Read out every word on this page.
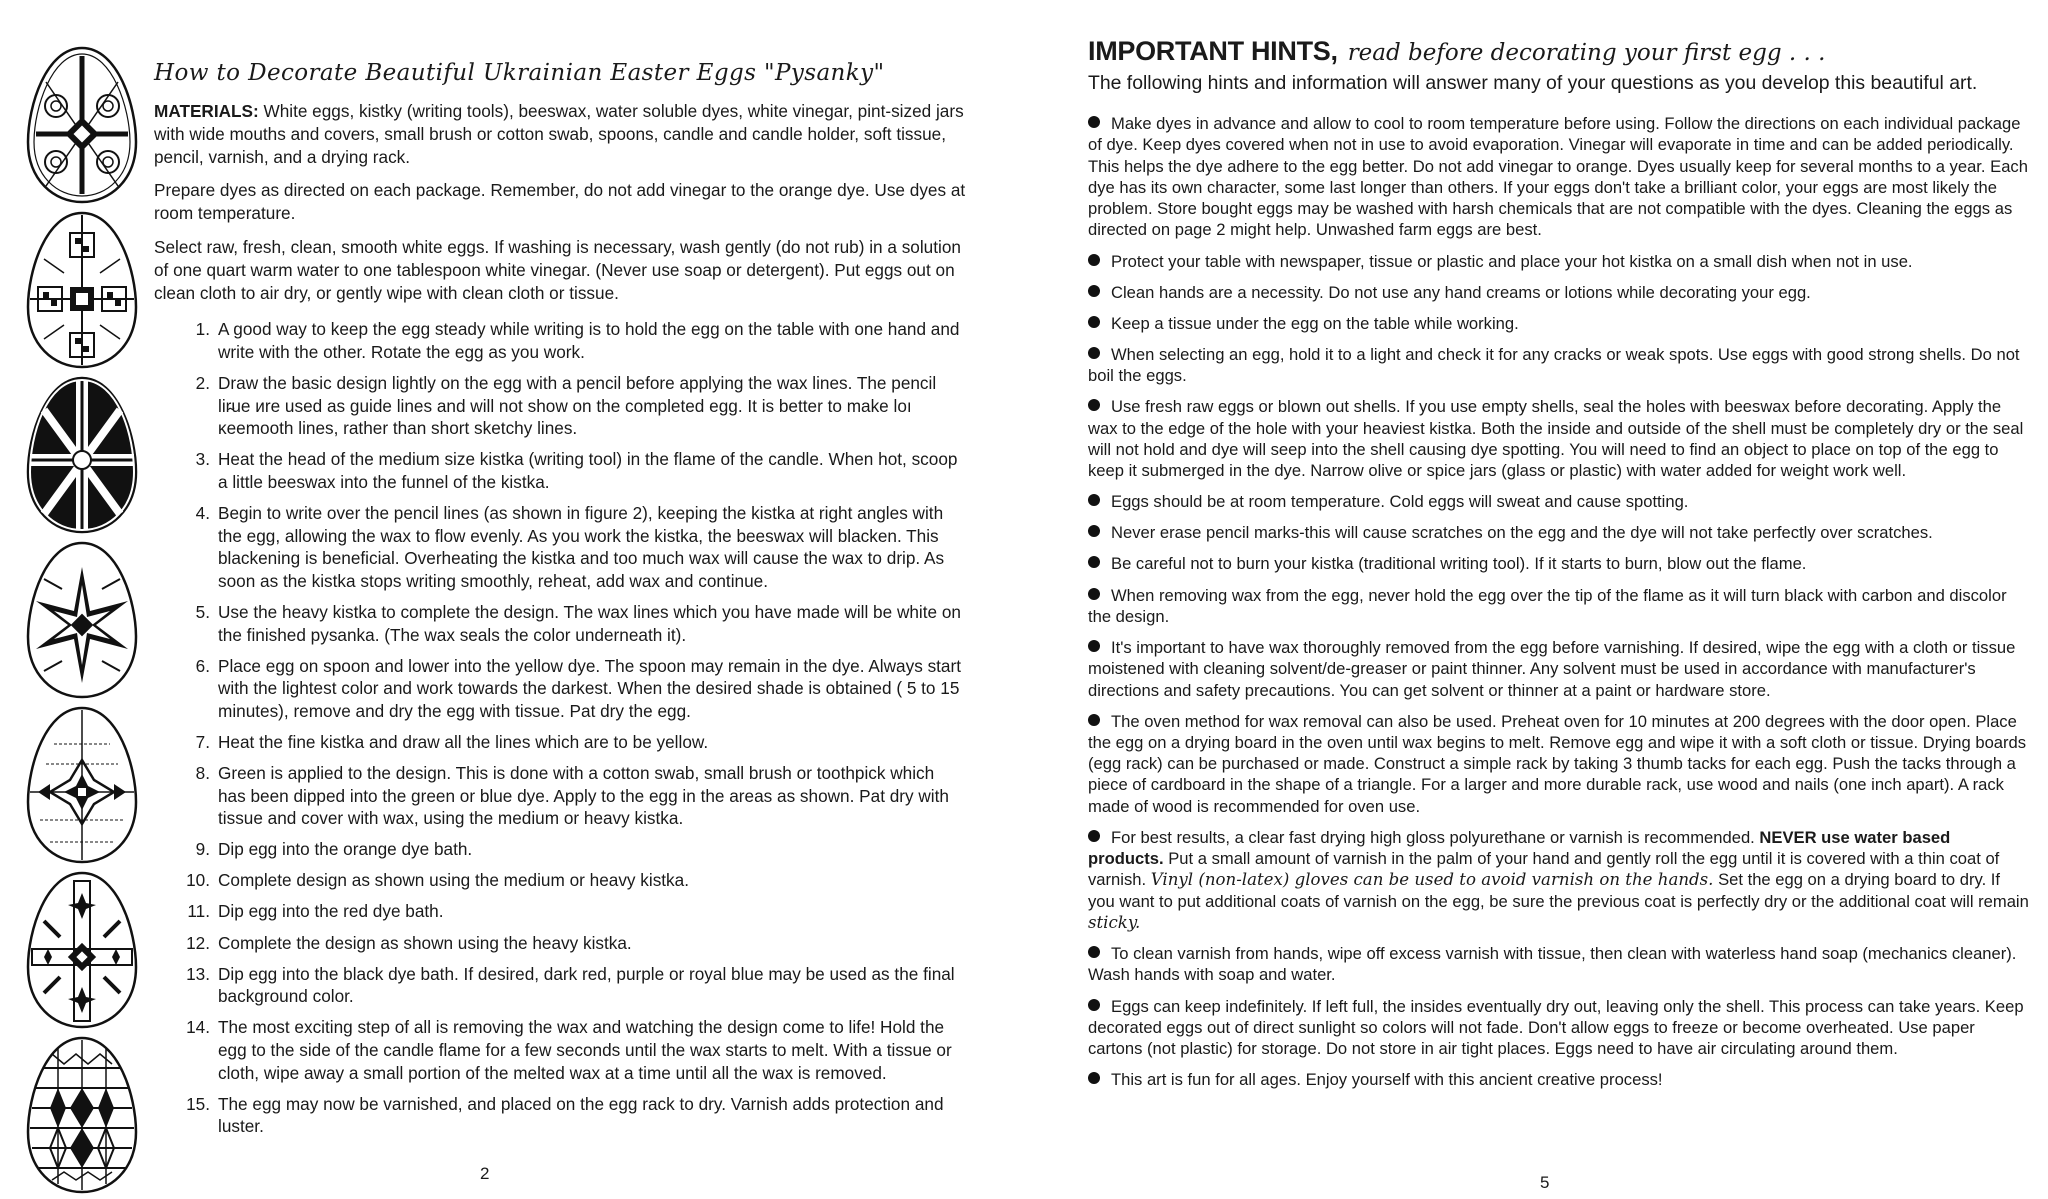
How to Decorate Beautiful Ukrainian Easter Eggs "Pysanky"

MATERIALS: White eggs, kistky (writing tools), beeswax, water soluble dyes, white vinegar, pint-sized jars with wide mouths and covers, small brush or cotton swab, spoons, candle and candle holder, soft tissue, pencil, varnish, and a drying rack.

Prepare dyes as directed on each package. Remember, do not add vinegar to the orange dye. Use dyes at room temperature.

Select raw, fresh, clean, smooth white eggs. If washing is necessary, wash gently (do not rub) in a solution of one quart warm water to one tablespoon white vinegar. (Never use soap or detergent). Put eggs out on clean cloth to air dry, or gently wipe with clean cloth or tissue.

1. A good way to keep the egg steady while writing is to hold the egg on the table with one hand and write with the other. Rotate the egg as you work.
2. Draw the basic design lightly on the egg with a pencil before applying the wax lines. The pencil lir̴ue иre used as guide lines and will not show on the completed egg. It is better to make loı ĸeemooth lines, rather than short sketchy lines.
3. Heat the head of the medium size kistka (writing tool) in the flame of the candle. When hot, scoop a little beeswax into the funnel of the kistka.
4. Begin to write over the pencil lines (as shown in figure 2), keeping the kistka at right angles with the egg, allowing the wax to flow evenly. As you work the kistka, the beeswax will blacken. This blackening is beneficial. Overheating the kistka and too much wax will cause the wax to drip. As soon as the kistka stops writing smoothly, reheat, add wax and continue.
5. Use the heavy kistka to complete the design. The wax lines which you have made will be white on the finished pysanka. (The wax seals the color underneath it).
6. Place egg on spoon and lower into the yellow dye. The spoon may remain in the dye. Always start with the lightest color and work towards the darkest. When the desired shade is obtained ( 5 to 15 minutes), remove and dry the egg with tissue. Pat dry the egg.
7. Heat the fine kistka and draw all the lines which are to be yellow.
8. Green is applied to the design. This is done with a cotton swab, small brush or toothpick which has been dipped into the green or blue dye. Apply to the egg in the areas as shown. Pat dry with tissue and cover with wax, using the medium or heavy kistka.
9. Dip egg into the orange dye bath.
10. Complete design as shown using the medium or heavy kistka.
11. Dip egg into the red dye bath.
12. Complete the design as shown using the heavy kistka.
13. Dip egg into the black dye bath. If desired, dark red, purple or royal blue may be used as the final background color.
14. The most exciting step of all is removing the wax and watching the design come to life! Hold the egg to the side of the candle flame for a few seconds until the wax starts to melt. With a tissue or cloth, wipe away a small portion of the melted wax at a time until all the wax is removed.
15. The egg may now be varnished, and placed on the egg rack to dry. Varnish adds protection and luster.
2
IMPORTANT HINTS, read before decorating your first egg . . .
The following hints and information will answer many of your questions as you develop this beautiful art.
Make dyes in advance and allow to cool to room temperature before using. Follow the directions on each individual package of dye. Keep dyes covered when not in use to avoid evaporation. Vinegar will evaporate in time and can be added periodically. This helps the dye adhere to the egg better. Do not add vinegar to orange. Dyes usually keep for several months to a year. Each dye has its own character, some last longer than others. If your eggs don't take a brilliant color, your eggs are most likely the problem. Store bought eggs may be washed with harsh chemicals that are not compatible with the dyes. Cleaning the eggs as directed on page 2 might help. Unwashed farm eggs are best.
Protect your table with newspaper, tissue or plastic and place your hot kistka on a small dish when not in use.
Clean hands are a necessity. Do not use any hand creams or lotions while decorating your egg.
Keep a tissue under the egg on the table while working.
When selecting an egg, hold it to a light and check it for any cracks or weak spots. Use eggs with good strong shells. Do not boil the eggs.
Use fresh raw eggs or blown out shells. If you use empty shells, seal the holes with beeswax before decorating. Apply the wax to the edge of the hole with your heaviest kistka. Both the inside and outside of the shell must be completely dry or the seal will not hold and dye will seep into the shell causing dye spotting. You will need to find an object to place on top of the egg to keep it submerged in the dye. Narrow olive or spice jars (glass or plastic) with water added for weight work well.
Eggs should be at room temperature. Cold eggs will sweat and cause spotting.
Never erase pencil marks-this will cause scratches on the egg and the dye will not take perfectly over scratches.
Be careful not to burn your kistka (traditional writing tool). If it starts to burn, blow out the flame.
When removing wax from the egg, never hold the egg over the tip of the flame as it will turn black with carbon and discolor the design.
It's important to have wax thoroughly removed from the egg before varnishing. If desired, wipe the egg with a cloth or tissue moistened with cleaning solvent/de-greaser or paint thinner. Any solvent must be used in accordance with manufacturer's directions and safety precautions. You can get solvent or thinner at a paint or hardware store.
The oven method for wax removal can also be used. Preheat oven for 10 minutes at 200 degrees with the door open. Place the egg on a drying board in the oven until wax begins to melt. Remove egg and wipe it with a soft cloth or tissue. Drying boards (egg rack) can be purchased or made. Construct a simple rack by taking 3 thumb tacks for each egg. Push the tacks through a piece of cardboard in the shape of a triangle. For a larger and more durable rack, use wood and nails (one inch apart). A rack made of wood is recommended for oven use.
For best results, a clear fast drying high gloss polyurethane or varnish is recommended. NEVER use water based products. Put a small amount of varnish in the palm of your hand and gently roll the egg until it is covered with a thin coat of varnish. Vinyl (non-latex) gloves can be used to avoid varnish on the hands. Set the egg on a drying board to dry. If you want to put additional coats of varnish on the egg, be sure the previous coat is perfectly dry or the additional coat will remain sticky.
To clean varnish from hands, wipe off excess varnish with tissue, then clean with waterless hand soap (mechanics cleaner). Wash hands with soap and water.
Eggs can keep indefinitely. If left full, the insides eventually dry out, leaving only the shell. This process can take years. Keep decorated eggs out of direct sunlight so colors will not fade. Don't allow eggs to freeze or become overheated. Use paper cartons (not plastic) for storage. Do not store in air tight places. Eggs need to have air circulating around them.
This art is fun for all ages. Enjoy yourself with this ancient creative process!
5
